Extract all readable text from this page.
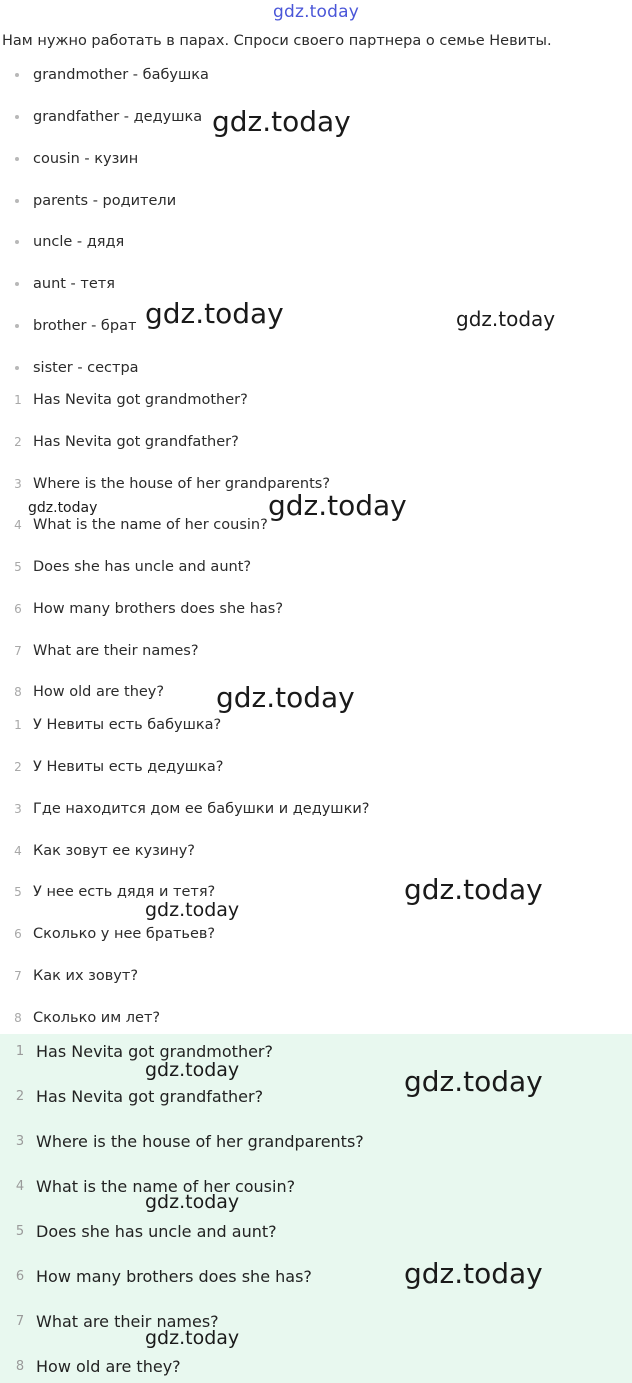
gdz.today
Нам нужно работать в парах. Спроси своего партнера о семье Невиты.
grandmother - бабушка
grandfather - дедушка
cousin - кузин
parents - родители
uncle - дядя
aunt - тетя
brother - брат
sister - сестра
1 Has Nevita got grandmother?
2 Has Nevita got grandfather?
3 Where is the house of her grandparents?
4 What is the name of her cousin?
5 Does she has uncle and aunt?
6 How many brothers does she has?
7 What are their names?
8 How old are they?
1 У Невиты есть бабушка?
2 У Невиты есть дедушка?
3 Где находится дом ее бабушки и дедушки?
4 Как зовут ее кузину?
5 У нее есть дядя и тетя?
6 Сколько у нее братьев?
7 Как их зовут?
8 Сколько им лет?
1 Has Nevita got grandmother?
2 Has Nevita got grandfather?
3 Where is the house of her grandparents?
4 What is the name of her cousin?
5 Does she has uncle and aunt?
6 How many brothers does she has?
7 What are their names?
8 How old are they?
gdz.today
gdz.today	gdz.today
gdz.today	gdz.today
gdz.today
gdz.today
gdz.today
gdz.today	gdz.today
gdz.today
gdz.today
gdz.today
